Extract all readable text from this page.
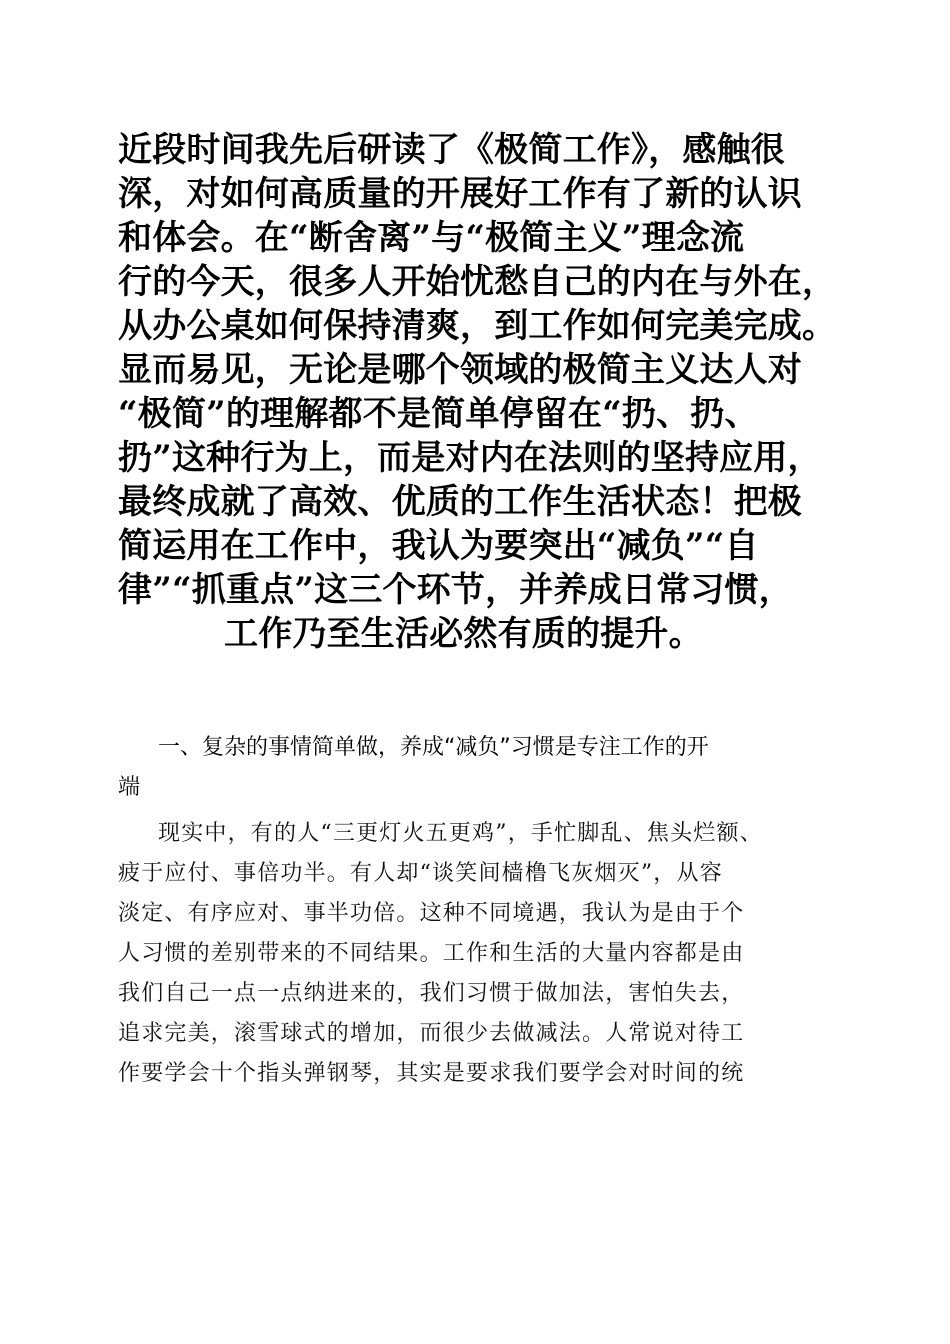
近段时间我先后研读了《极简工作》，感触很
深，对如何高质量的开展好工作有了新的认识
和体会。在“断舍离”与“极简主义”理念流
行的今天，很多人开始忧愁自己的内在与外在，
从办公桌如何保持清爽，到工作如何完美完成。
显而易见，无论是哪个领域的极简主义达人对
“极简”的理解都不是简单停留在“扔、扔、
扔”这种行为上，而是对内在法则的坚持应用，
最终成就了高效、优质的工作生活状态！把极
简运用在工作中，我认为要突出“减负”“自
律”“抓重点”这三个环节，并养成日常习惯，
工作乃至生活必然有质的提升。
一、复杂的事情简单做，养成“减负”习惯是专注工作的开
端
现实中，有的人“三更灯火五更鸡”，手忙脚乱、焦头烂额、
疲于应付、事倍功半。有人却“谈笑间樯橹飞灰烟灭”，从容
淡定、有序应对、事半功倍。这种不同境遇，我认为是由于个
人习惯的差别带来的不同结果。工作和生活的大量内容都是由
我们自己一点一点纳进来的，我们习惯于做加法，害怕失去，
追求完美，滚雪球式的增加，而很少去做减法。人常说对待工
作要学会十个指头弹钢琴，其实是要求我们要学会对时间的统
